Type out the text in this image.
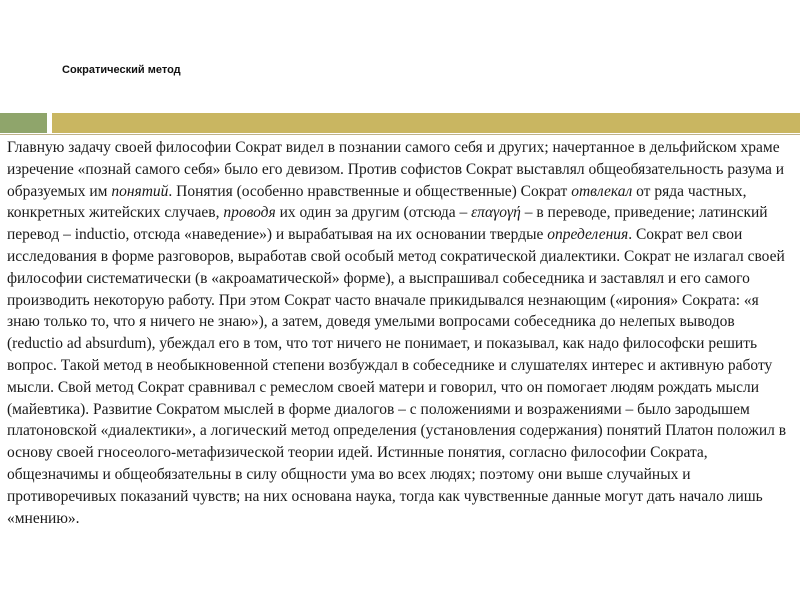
Сократический метод

Главную задачу своей философии Сократ видел в познании самого себя и других; начертанное в дельфийском храме изречение «познай самого себя» было его девизом. Против софистов Сократ выставлял общеобязательность разума и образуемых им понятий. Понятия (особенно нравственные и общественные) Сократ отвлекал от ряда частных, конкретных житейских случаев, проводя их один за другим (отсюда – επαγογή – в переводе, приведение; латинский перевод – inductio, отсюда «наведение») и вырабатывая на их основании твердые определения. Сократ вел свои исследования в форме разговоров, выработав свой особый метод сократической диалектики. Сократ не излагал своей философии систематически (в «акроаматической» форме), а выспрашивал собеседника и заставлял и его самого производить некоторую работу. При этом Сократ часто вначале прикидывался незнающим («ирония» Сократа: «я знаю только то, что я ничего не знаю»), а затем, доведя умелыми вопросами собеседника до нелепых выводов (reductio ad absurdum), убеждал его в том, что тот ничего не понимает, и показывал, как надо философски решить вопрос. Такой метод в необыкновенной степени возбуждал в собеседнике и слушателях интерес и активную работу мысли. Свой метод Сократ сравнивал с ремеслом своей матери и говорил, что он помогает людям рождать мысли (майевтика). Развитие Сократом мыслей в форме диалогов – с положениями и возражениями – было зародышем платоновской «диалектики», а логический метод определения (установления содержания) понятий Платон положил в основу своей гносеолого-метафизической теории идей. Истинные понятия, согласно философии Сократа, общезначимы и общеобязательны в силу общности ума во всех людях; поэтому они выше случайных и противоречивых показаний чувств; на них основана наука, тогда как чувственные данные могут дать начало лишь «мнению».
